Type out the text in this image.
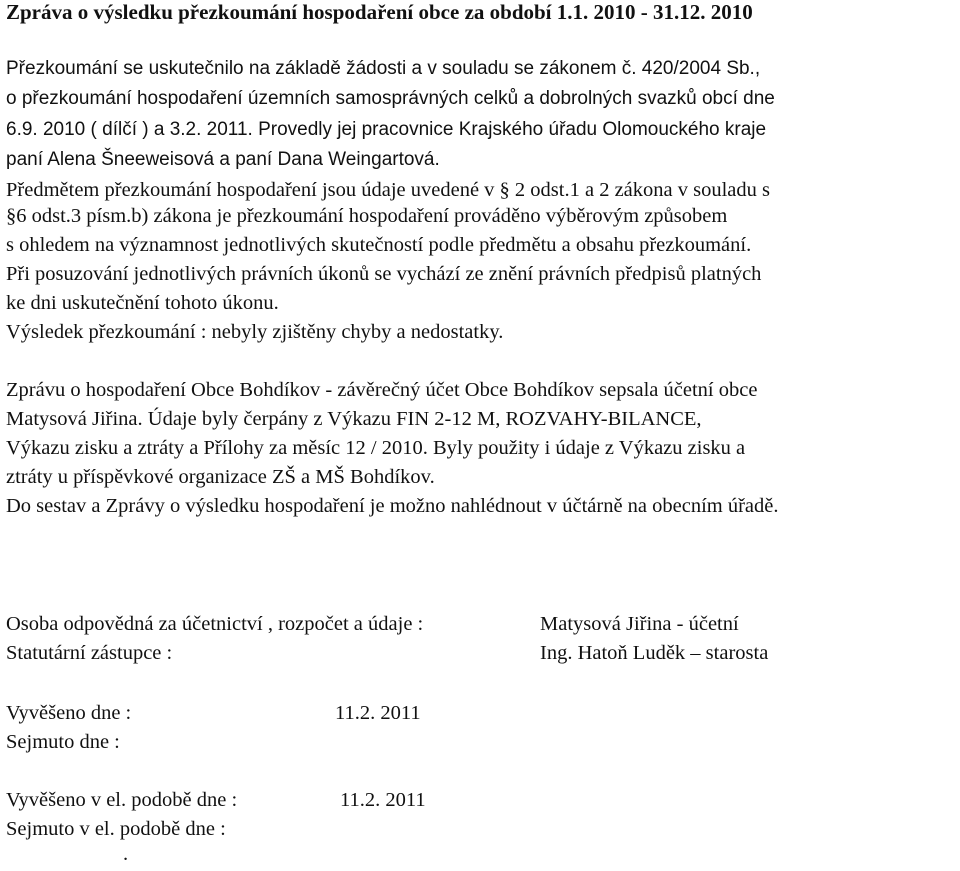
Zpráva o výsledku přezkoumání hospodaření obce za období 1.1. 2010 - 31.12. 2010
Přezkoumání se uskutečnilo na základě žádosti a v souladu se zákonem č. 420/2004 Sb.,
o přezkoumání hospodaření územních samosprávných celků a dobrolných svazků obcí dne
6.9. 2010 ( dílčí ) a 3.2. 2011. Provedly jej pracovnice Krajského úřadu Olomouckého kraje
paní Alena Šneeweisová a paní Dana Weingartová.
Předmětem přezkoumání hospodaření jsou údaje uvedené v § 2 odst.1 a 2 zákona v souladu s
§6 odst.3 písm.b) zákona je přezkoumání hospodaření prováděno výběrovým způsobem
s ohledem na významnost jednotlivých skutečností podle předmětu a obsahu přezkoumání.
Při posuzování jednotlivých právních úkonů se vychází ze znění právních předpisů platných
ke dni uskutečnění tohoto úkonu.
Výsledek přezkoumání : nebyly zjištěny chyby a nedostatky.
Zprávu o hospodaření Obce Bohdíkov - závěrečný účet Obce Bohdíkov sepsala účetní obce
Matysová Jiřina. Údaje byly čerpány z Výkazu FIN 2-12 M, ROZVAHY-BILANCE,
Výkazu zisku a ztráty a Přílohy za měsíc 12 / 2010. Byly použity i údaje z Výkazu zisku a
ztráty u příspěvkové organizace ZŠ a MŠ Bohdíkov.
Do sestav a Zprávy o výsledku hospodaření je možno nahlédnout v účtárně na obecním úřadě.
Osoba odpovědná za účetnictví , rozpočet a údaje :	Matysová Jiřina - účetní
Statutární zástupce :	Ing. Hatoň Luděk – starosta
Vyvěšeno dne :	11.2. 2011
Sejmuto dne :
Vyvěšeno v el. podobě dne :	11.2. 2011
Sejmuto v el. podobě dne :
.
